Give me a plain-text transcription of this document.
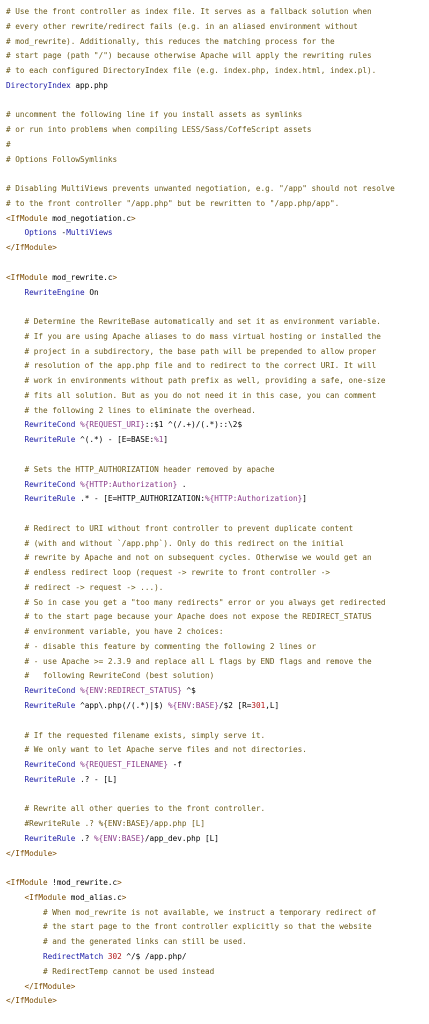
# Use the front controller as index file. It serves as a fallback solution when
# every other rewrite/redirect fails (e.g. in an aliased environment without
# mod_rewrite). Additionally, this reduces the matching process for the
# start page (path "/") because otherwise Apache will apply the rewriting rules
# to each configured DirectoryIndex file (e.g. index.php, index.html, index.pl).
DirectoryIndex app.php
# uncomment the following line if you install assets as symlinks
# or run into problems when compiling LESS/Sass/CoffeScript assets
#
# Options FollowSymlinks
# Disabling MultiViews prevents unwanted negotiation, e.g. "/app" should not resolve
# to the front controller "/app.php" but be rewritten to "/app.php/app".
<IfModule mod_negotiation.c>
Options -MultiViews
</IfModule>
<IfModule mod_rewrite.c>
RewriteEngine On
# Determine the RewriteBase automatically and set it as environment variable.
# If you are using Apache aliases to do mass virtual hosting or installed the
# project in a subdirectory, the base path will be prepended to allow proper
# resolution of the app.php file and to redirect to the correct URI. It will
# work in environments without path prefix as well, providing a safe, one-size
# fits all solution. But as you do not need it in this case, you can comment
# the following 2 lines to eliminate the overhead.
RewriteCond %{REQUEST_URI}::$1 ^(/.+)/(.*)::\2$
RewriteRule ^(.*) - [E=BASE:%1]
# Sets the HTTP_AUTHORIZATION header removed by apache
RewriteCond %{HTTP:Authorization} .
RewriteRule .* - [E=HTTP_AUTHORIZATION:%{HTTP:Authorization}]
# Redirect to URI without front controller to prevent duplicate content
# (with and without `/app.php`). Only do this redirect on the initial
# rewrite by Apache and not on subsequent cycles. Otherwise we would get an
# endless redirect loop (request -> rewrite to front controller ->
# redirect -> request -> ...).
# So in case you get a "too many redirects" error or you always get redirected
# to the start page because your Apache does not expose the REDIRECT_STATUS
# environment variable, you have 2 choices:
# - disable this feature by commenting the following 2 lines or
# - use Apache >= 2.3.9 and replace all L flags by END flags and remove the
#   following RewriteCond (best solution)
RewriteCond %{ENV:REDIRECT_STATUS} ^$
RewriteRule ^app\.php(/(.*)|$) %{ENV:BASE}/$2 [R=301,L]
# If the requested filename exists, simply serve it.
# We only want to let Apache serve files and not directories.
RewriteCond %{REQUEST_FILENAME} -f
RewriteRule .? - [L]
# Rewrite all other queries to the front controller.
#RewriteRule .? %{ENV:BASE}/app.php [L]
RewriteRule .? %{ENV:BASE}/app_dev.php [L]
</IfModule>
<IfModule !mod_rewrite.c>
<IfModule mod_alias.c>
# When mod_rewrite is not available, we instruct a temporary redirect of
# the start page to the front controller explicitly so that the website
# and the generated links can still be used.
RedirectMatch 302 ^/$ /app.php/
# RedirectTemp cannot be used instead
</IfModule>
</IfModule>
